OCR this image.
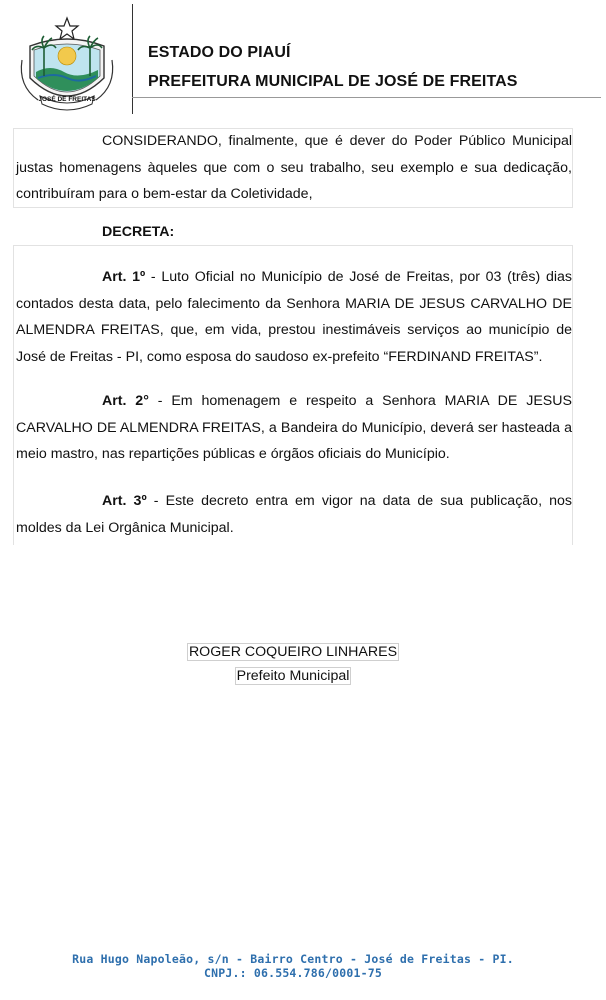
JOSÉ DE FREITAS
ESTADO DO PIAUÍ
PREFEITURA MUNICIPAL DE JOSÉ DE FREITAS

CONSIDERANDO, finalmente, que é dever do Poder Público Municipal justas homenagens àqueles que com o seu trabalho, seu exemplo e sua dedicação, contribuíram para o bem-estar da Coletividade,

DECRETA:

Art. 1º - Luto Oficial no Município de José de Freitas, por 03 (três) dias contados desta data, pelo falecimento da Senhora MARIA DE JESUS CARVALHO DE ALMENDRA FREITAS, que, em vida, prestou inestimáveis serviços ao município de José de Freitas - PI, como esposa do saudoso ex-prefeito “FERDINAND FREITAS”.

Art. 2° - Em homenagem e respeito a Senhora MARIA DE JESUS CARVALHO DE ALMENDRA FREITAS, a Bandeira do Município, deverá ser hasteada a meio mastro, nas repartições públicas e órgãos oficiais do Município.

Art. 3º - Este decreto entra em vigor na data de sua publicação, nos moldes da Lei Orgânica Municipal.

ROGER COQUEIRO LINHARES
Prefeito Municipal
Rua Hugo Napoleão, s/n - Bairro Centro - José de Freitas - PI.
CNPJ.: 06.554.786/0001-75
